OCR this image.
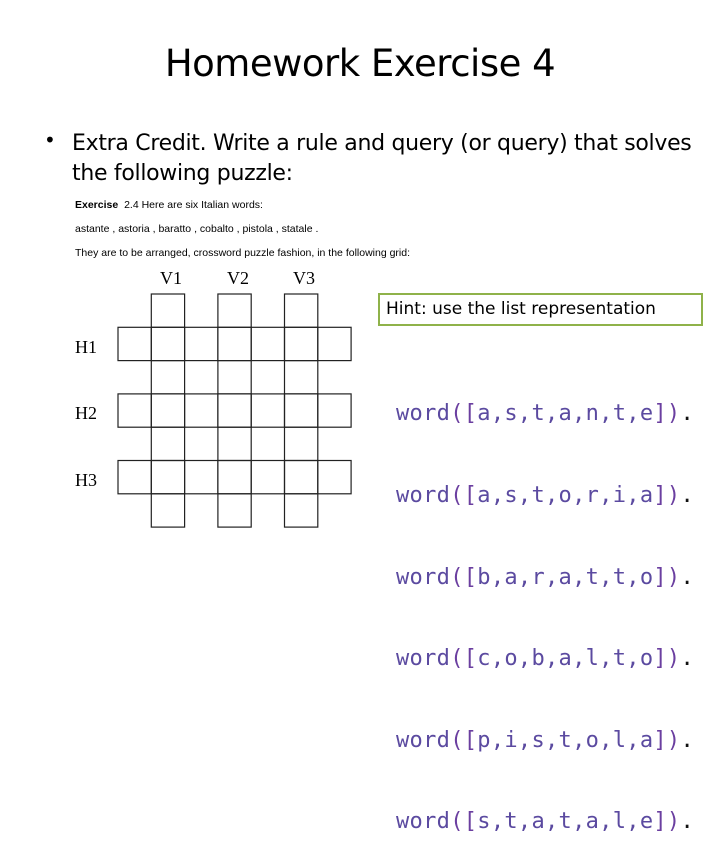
Homework Exercise 4
• Extra Credit. Write a rule and query (or query) that solves the following puzzle:
Exercise 2.4 Here are six Italian words:
astante , astoria , baratto , cobalto , pistola , statale .
They are to be arranged, crossword puzzle fashion, in the following grid:
V1	V2 V3
H1
H2
H3
Hint: use the list representation

word([a,s,t,a,n,t,e]).

word([a,s,t,o,r,i,a]).

word([b,a,r,a,t,t,o]).

word([c,o,b,a,l,t,o]).

word([p,i,s,t,o,l,a]).

word([s,t,a,t,a,l,e]).
